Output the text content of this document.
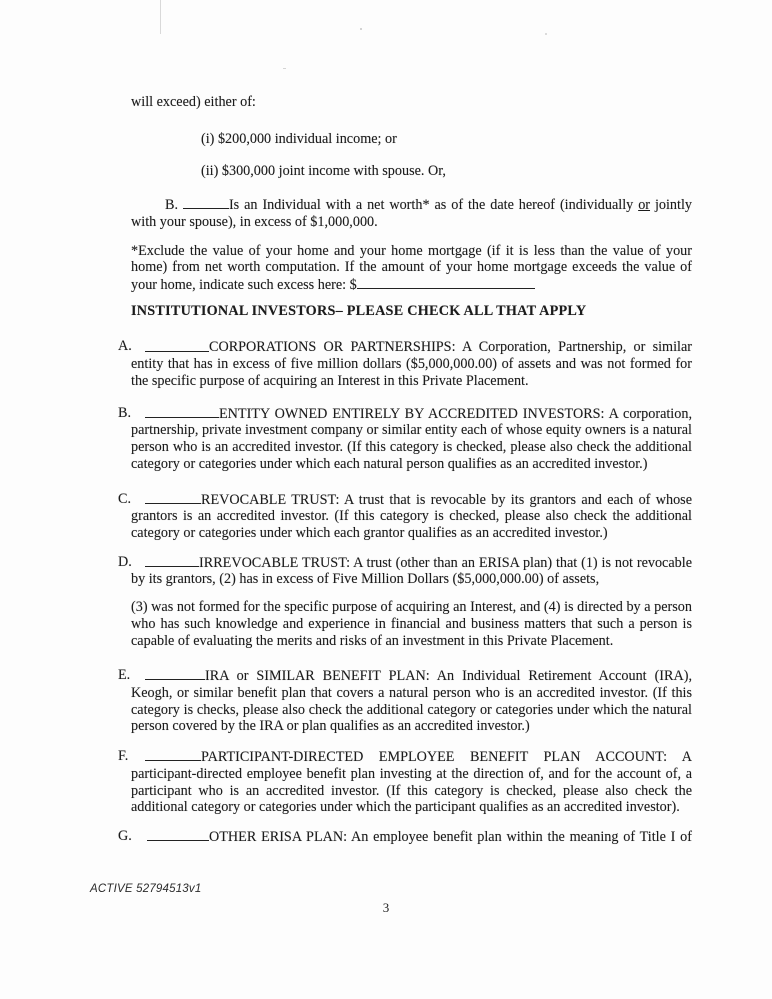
will exceed) either of:

(i) $200,000 individual income; or

(ii) $300,000 joint income with spouse. Or,

B.	Is an Individual with a net worth* as of the date hereof (individually or jointly with your spouse), in excess of $1,000,000.

*Exclude the value of your home and your home mortgage (if it is less than the value of your home) from net worth computation. If the amount of your home mortgage exceeds the value of your home, indicate such excess here: $

INSTITUTIONAL INVESTORS– PLEASE CHECK ALL THAT APPLY

A.	CORPORATIONS OR PARTNERSHIPS: A Corporation, Partnership, or similar entity that has in excess of five million dollars ($5,000,000.00) of assets and was not formed for the specific purpose of acquiring an Interest in this Private Placement.

B.	ENTITY OWNED ENTIRELY BY ACCREDITED INVESTORS: A corporation, partnership, private investment company or similar entity each of whose equity owners is a natural person who is an accredited investor. (If this category is checked, please also check the additional category or categories under which each natural person qualifies as an accredited investor.)

C.	REVOCABLE TRUST: A trust that is revocable by its grantors and each of whose grantors is an accredited investor. (If this category is checked, please also check the additional category or categories under which each grantor qualifies as an accredited investor.)

D.	IRREVOCABLE TRUST: A trust (other than an ERISA plan) that (1) is not revocable by its grantors, (2) has in excess of Five Million Dollars ($5,000,000.00) of assets,

(3) was not formed for the specific purpose of acquiring an Interest, and (4) is directed by a person who has such knowledge and experience in financial and business matters that such a person is capable of evaluating the merits and risks of an investment in this Private Placement.

E.	IRA or SIMILAR BENEFIT PLAN: An Individual Retirement Account (IRA), Keogh, or similar benefit plan that covers a natural person who is an accredited investor. (If this category is checks, please also check the additional category or categories under which the natural person covered by the IRA or plan qualifies as an accredited investor.)

F.	PARTICIPANT-DIRECTED EMPLOYEE BENEFIT PLAN ACCOUNT: A participant-directed employee benefit plan investing at the direction of, and for the account of, a participant who is an accredited investor. (If this category is checked, please also check the additional category or categories under which the participant qualifies as an accredited investor).

G.	OTHER ERISA PLAN: An employee benefit plan within the meaning of Title I of

ACTIVE 52794513v1
3
